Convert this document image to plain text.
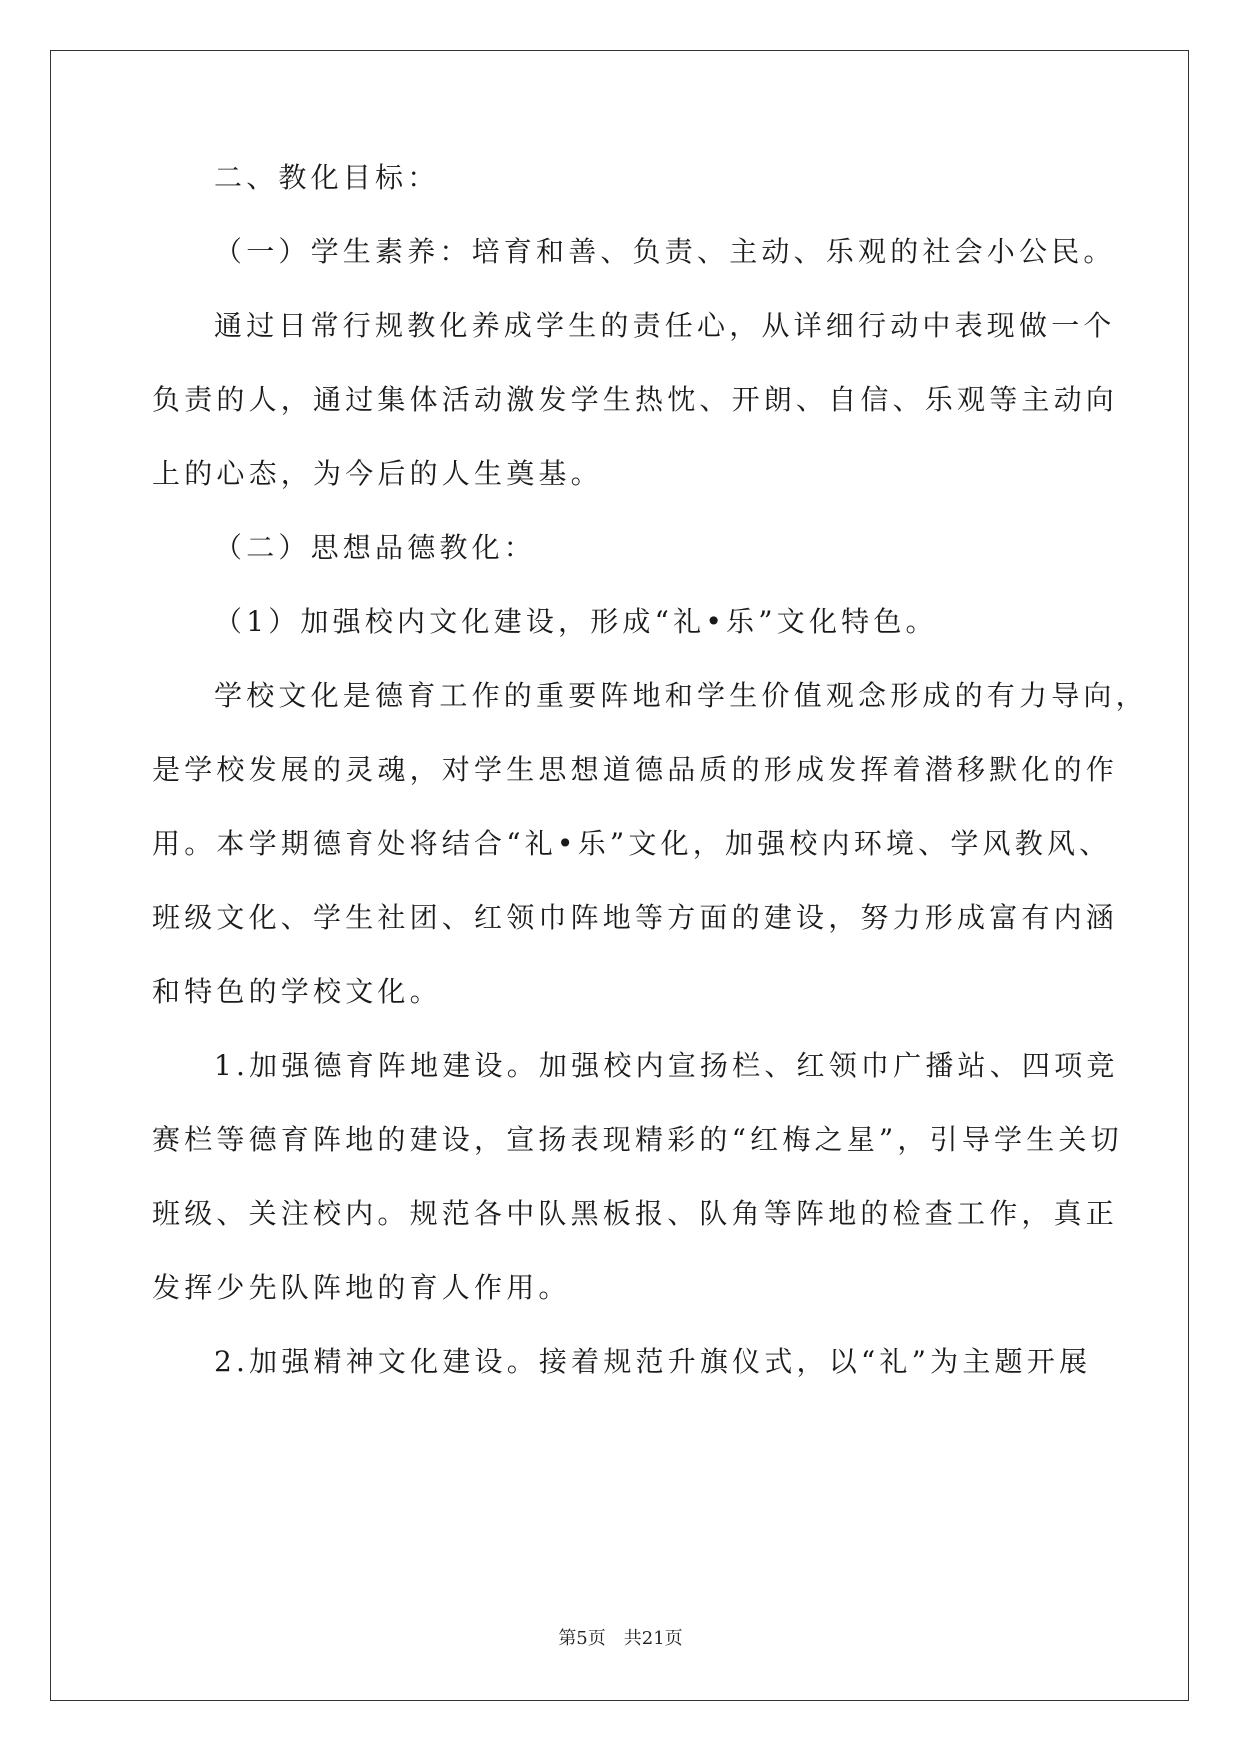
二、教化目标：
（一）学生素养：培育和善、负责、主动、乐观的社会小公民。
通过日常行规教化养成学生的责任心，从详细行动中表现做一个
负责的人，通过集体活动激发学生热忱、开朗、自信、乐观等主动向
上的心态，为今后的人生奠基。
（二）思想品德教化：
（1）加强校内文化建设，形成“礼•乐”文化特色。
学校文化是德育工作的重要阵地和学生价值观念形成的有力导向，
是学校发展的灵魂，对学生思想道德品质的形成发挥着潜移默化的作
用。本学期德育处将结合“礼•乐”文化，加强校内环境、学风教风、
班级文化、学生社团、红领巾阵地等方面的建设，努力形成富有内涵
和特色的学校文化。
1.加强德育阵地建设。加强校内宣扬栏、红领巾广播站、四项竞
赛栏等德育阵地的建设，宣扬表现精彩的“红梅之星”，引导学生关切
班级、关注校内。规范各中队黑板报、队角等阵地的检查工作，真正
发挥少先队阵地的育人作用。
2.加强精神文化建设。接着规范升旗仪式，以“礼”为主题开展
第5页　共21页
